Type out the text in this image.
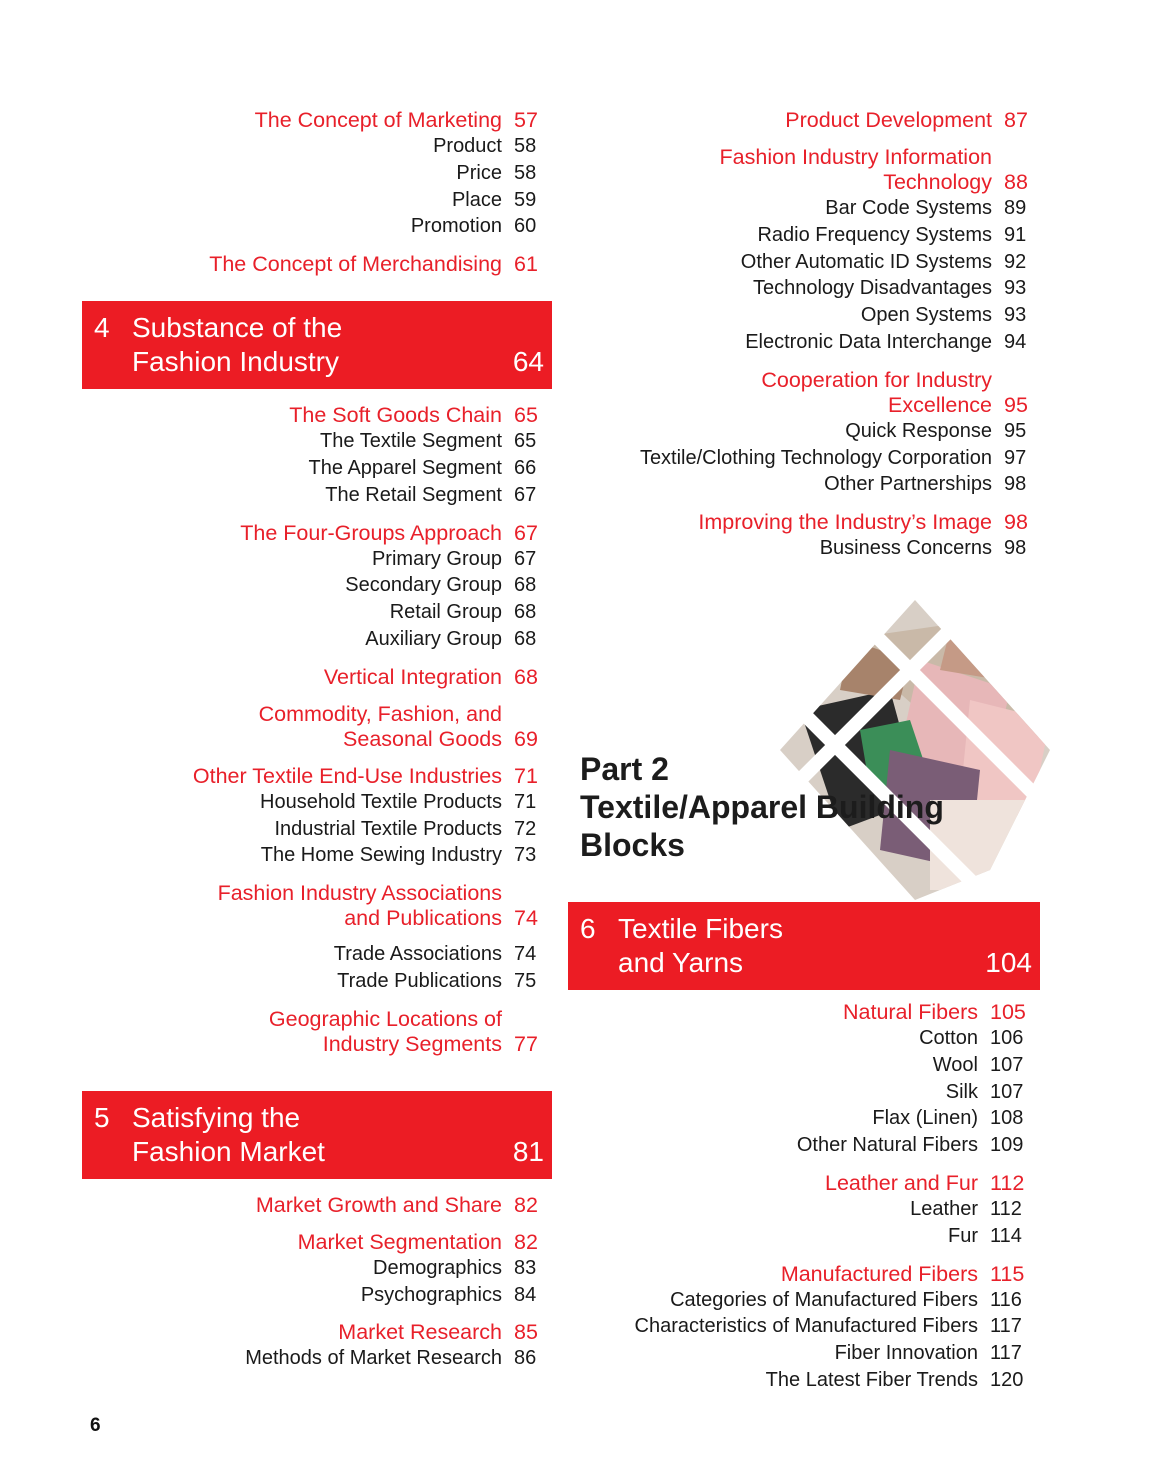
The Concept of Marketing 57
Product 58
Price 58
Place 59
Promotion 60
The Concept of Merchandising 61
4 Substance of the
Fashion Industry	64
The Soft Goods Chain 65
The Textile Segment 65
The Apparel Segment 66
The Retail Segment 67
The Four-Groups Approach 67
Primary Group 67
Secondary Group 68
Retail Group 68
Auxiliary Group 68
Vertical Integration 68
Commodity, Fashion, and
Seasonal Goods 69
Other Textile End-Use Industries 71
Household Textile Products 71
Industrial Textile Products 72
The Home Sewing Industry 73
Fashion Industry Associations
and Publications 74
Trade Associations 74
Trade Publications 75
Geographic Locations of
Industry Segments 77
5 Satisfying the
Fashion Market	81
Market Growth and Share 82
Market Segmentation 82
Demographics 83
Psychographics 84
Market Research 85
Methods of Market Research 86
Product Development 87
Fashion Industry Information
Technology 88
Bar Code Systems 89
Radio Frequency Systems 91
Other Automatic ID Systems 92
Technology Disadvantages 93
Open Systems 93
Electronic Data Interchange 94
Cooperation for Industry
Excellence 95
Quick Response 95
Textile/Clothing Technology Corporation 97
Other Partnerships 98
Improving the Industry’s Image 98
Business Concerns 98
Part 2
Textile/Apparel Building
Blocks
6 Textile Fibers
and Yarns	104
Natural Fibers 105
Cotton 106
Wool 107
Silk 107
Flax (Linen) 108
Other Natural Fibers 109
Leather and Fur 112
Leather 112
Fur 114
Manufactured Fibers 115
Categories of Manufactured Fibers 116
Characteristics of Manufactured Fibers 117
Fiber Innovation 117
The Latest Fiber Trends 120
6
